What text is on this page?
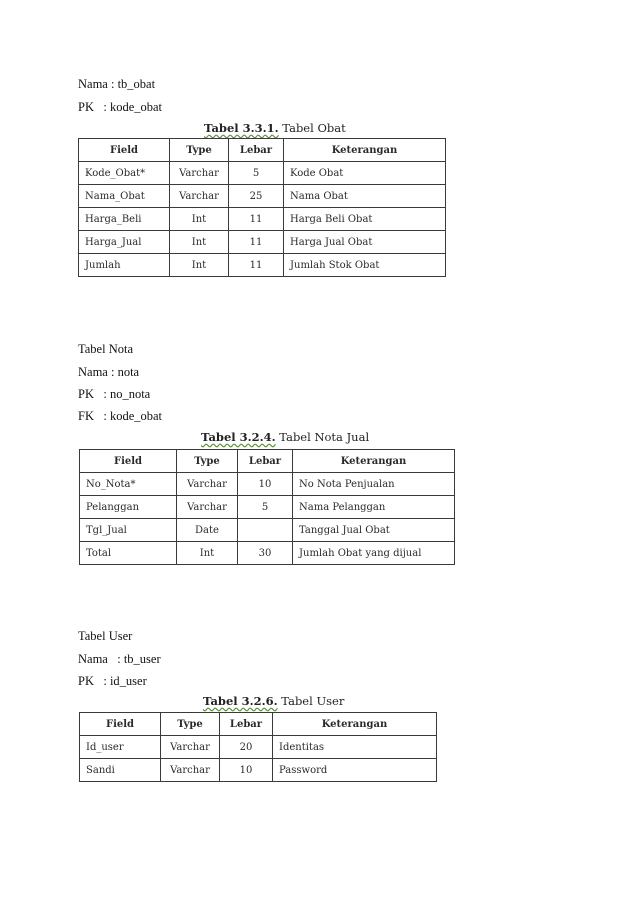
Nama : tb_obat
PK   : kode_obat
Tabel 3.3.1. Tabel Obat
Field	Type	Lebar	Keterangan
Kode_Obat*	Varchar	5	Kode Obat
Nama_Obat	Varchar	25	Nama Obat
Harga_Beli	Int	11	Harga Beli Obat
Harga_Jual	Int	11	Harga Jual Obat
Jumlah	Int	11	Jumlah Stok Obat
Tabel Nota
Nama : nota
PK   : no_nota
FK   : kode_obat
Tabel 3.2.4. Tabel Nota Jual
Field	Type	Lebar	Keterangan
No_Nota*	Varchar	10	No Nota Penjualan
Pelanggan	Varchar	5	Nama Pelanggan
Tgl_Jual	Date		Tanggal Jual Obat
Total	Int	30	Jumlah Obat yang dijual
Tabel User
Nama   : tb_user
PK   : id_user
Tabel 3.2.6. Tabel User
Field	Type	Lebar	Keterangan
Id_user	Varchar	20	Identitas
Sandi	Varchar	10	Password
